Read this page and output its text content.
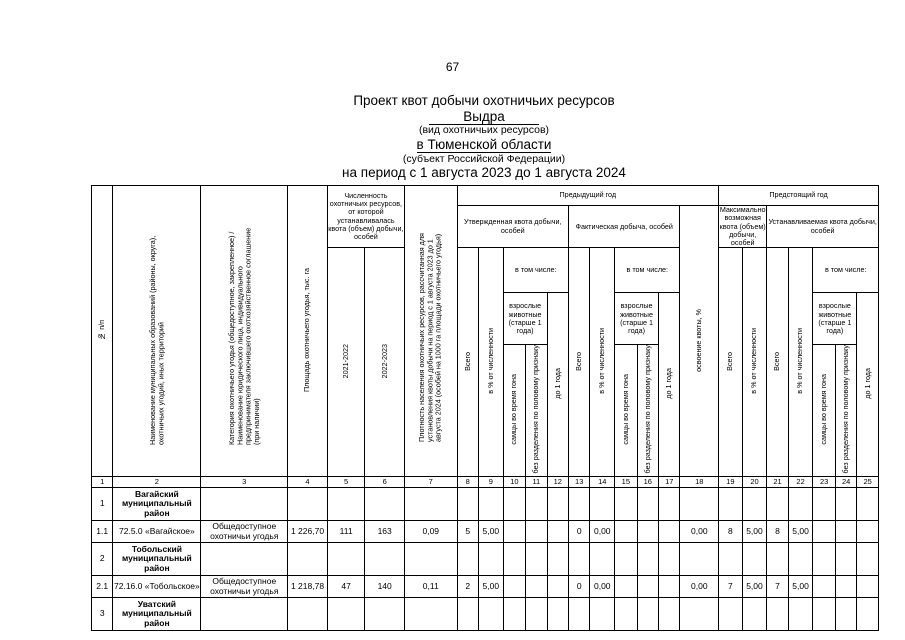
67
Проект квот добычи охотничьих ресурсов
Выдра
(вид охотничьих ресурсов)
в Тюменской области
(субъект Российской Федерации)
на период с 1 августа 2023 до 1 августа 2024
№ п/п	Наименование муниципальных образований (районы, округа), охотничьих угодий, иных территорий	Категория охотничьего угодья (общедоступное, закрепленное) / Наименование юридического лица, индивидуального предпринимателя заключившего охотхозяйственное соглашение (при наличии)	Площадь охотничьего угодья, тыс. га	Численность охотничьих ресурсов, от которой устанавливалась квота (объем) добычи, особей		Плотность населения охотничьих ресурсов, рассчитанная для установления квоты добычи на период с 1 августа 2023 до 1 августа 2024 (особей на 1000 га площади охотничьего угодья)	Предыдущий год											Предстоящий год						
							Утвержденная квота добычи, особей					Фактическая добыча, особей					освоение квоты, %	Максимально возможная квота (объем) добычи, особей		Устанавливаемая квота добычи, особей				
				2021-2022	2022-2023		Всего	в % от численности	в том числе:			Всего	в % от численности	в том числе:				Всего	в % от численности	Всего	в % от численности	в том числе:		
									взрослые животные (старше 1 года)		до 1 года			взрослые животные (старше 1 года)		до 1 года						взрослые животные (старше 1 года)		до 1 года
									самцы во время гона	без разделения по половому признаку				самцы во время гона	без разделения по половому признаку							самцы во время гона	без разделения по половому признаку	
1	2	3	4	5	6	7	8	9	10	11	12	13	14	15	16	17	18	19	20	21	22	23	24	25
1	Вагайский муниципальный район																							
1.1	72.5.0 «Вагайское»	Общедоступное охотничьи угодья	1 226,70	111	163	0,09	5	5,00				0	0,00				0,00	8	5,00	8	5,00			
2	Тобольский муниципальный район																							
2.1	72.16.0 «Тобольское»	Общедоступное охотничьи угодья	1 218,78	47	140	0,11	2	5,00				0	0,00				0,00	7	5,00	7	5,00			
3	Уватский муниципальный район																							
